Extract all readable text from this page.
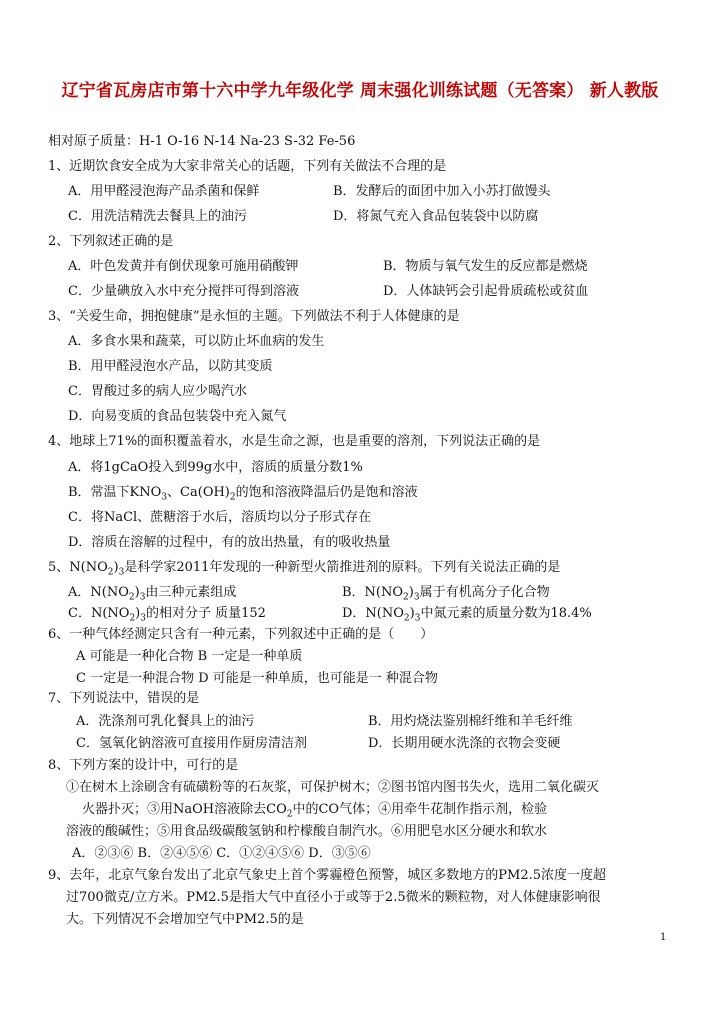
辽宁省瓦房店市第十六中学九年级化学 周末强化训练试题（无答案） 新人教版
相对原子质量：H-1 O-16 N-14 Na-23 S-32 Fe-56
1、近期饮食安全成为大家非常关心的话题，下列有关做法不合理的是
A．用甲醛浸泡海产品杀菌和保鲜	B．发酵后的面团中加入小苏打做馒头
C．用洗洁精洗去餐具上的油污	D．将氮气充入食品包装袋中以防腐
2、下列叙述正确的是
A．叶色发黄并有倒伏现象可施用硝酸钾	B．物质与氧气发生的反应都是燃烧
C．少量碘放入水中充分搅拌可得到溶液	D．人体缺钙会引起骨质疏松或贫血
3、“关爱生命，拥抱健康”是永恒的主题。下列做法不利于人体健康的是
A．多食水果和蔬菜，可以防止坏血病的发生
B．用甲醛浸泡水产品，以防其变质
C．胃酸过多的病人应少喝汽水
D．向易变质的食品包装袋中充入氮气
4、地球上71%的面积覆盖着水，水是生命之源，也是重要的溶剂，下列说法正确的是
A．将1gCaO投入到99g水中，溶质的质量分数1%
B．常温下$KNO_3$、$Ca(OH)_2$的饱和溶液降温后仍是饱和溶液
C．将NaCl、蔗糖溶于水后，溶质均以分子形式存在
D．溶质在溶解的过程中，有的放出热量，有的吸收热量
5、$N(NO_2)_3$是科学家2011年发现的一种新型火箭推进剂的原料。下列有关说法正确的是
A．$N(NO_2)_3$由三种元素组成	B．$N(NO_2)_3$属于有机高分子化合物
C．$N(NO_2)_3$的相对分子 质量152	D．$N(NO_2)_3$中氮元素的质量分数为18.4%
6、一种气体经测定只含有一种元素，下列叙述中正确的是（　　）
A 可能是一种化合物 B 一定是一种单质
C 一定是一种混合物 D 可能是一种单质，也可能是一 种混合物
7、下列说法中，错误的是
A．洗涤剂可乳化餐具上的油污	B．用灼烧法鉴别棉纤维和羊毛纤维
C．氢氧化钠溶液可直接用作厨房清洁剂	D．长期用硬水洗涤的衣物会变硬
8、下列方案的设计中，可行的是
①在树木上涂刷含有硫磺粉等的石灰浆，可保护树木；②图书馆内图书失火，选用二氧化碳灭
火器扑灭；③用NaOH溶液除去$CO_2$中的CO气体；④用牵牛花制作指示剂，检验
溶液的酸碱性；⑤用食品级碳酸氢钠和柠檬酸自制汽水。⑥用肥皂水区分硬水和软水
A．②③⑥ B．②④⑤⑥ C．①②④⑤⑥ D．③⑤⑥
9、去年，北京气象台发出了北京气象史上首个雾霾橙色预警，城区多数地方的PM2.5浓度一度超
过700微克/立方米。PM2.5是指大气中直径小于或等于2.5微米的颗粒物，对人体健康影响很
大。下列情况不会增加空气中PM2.5的是
1
